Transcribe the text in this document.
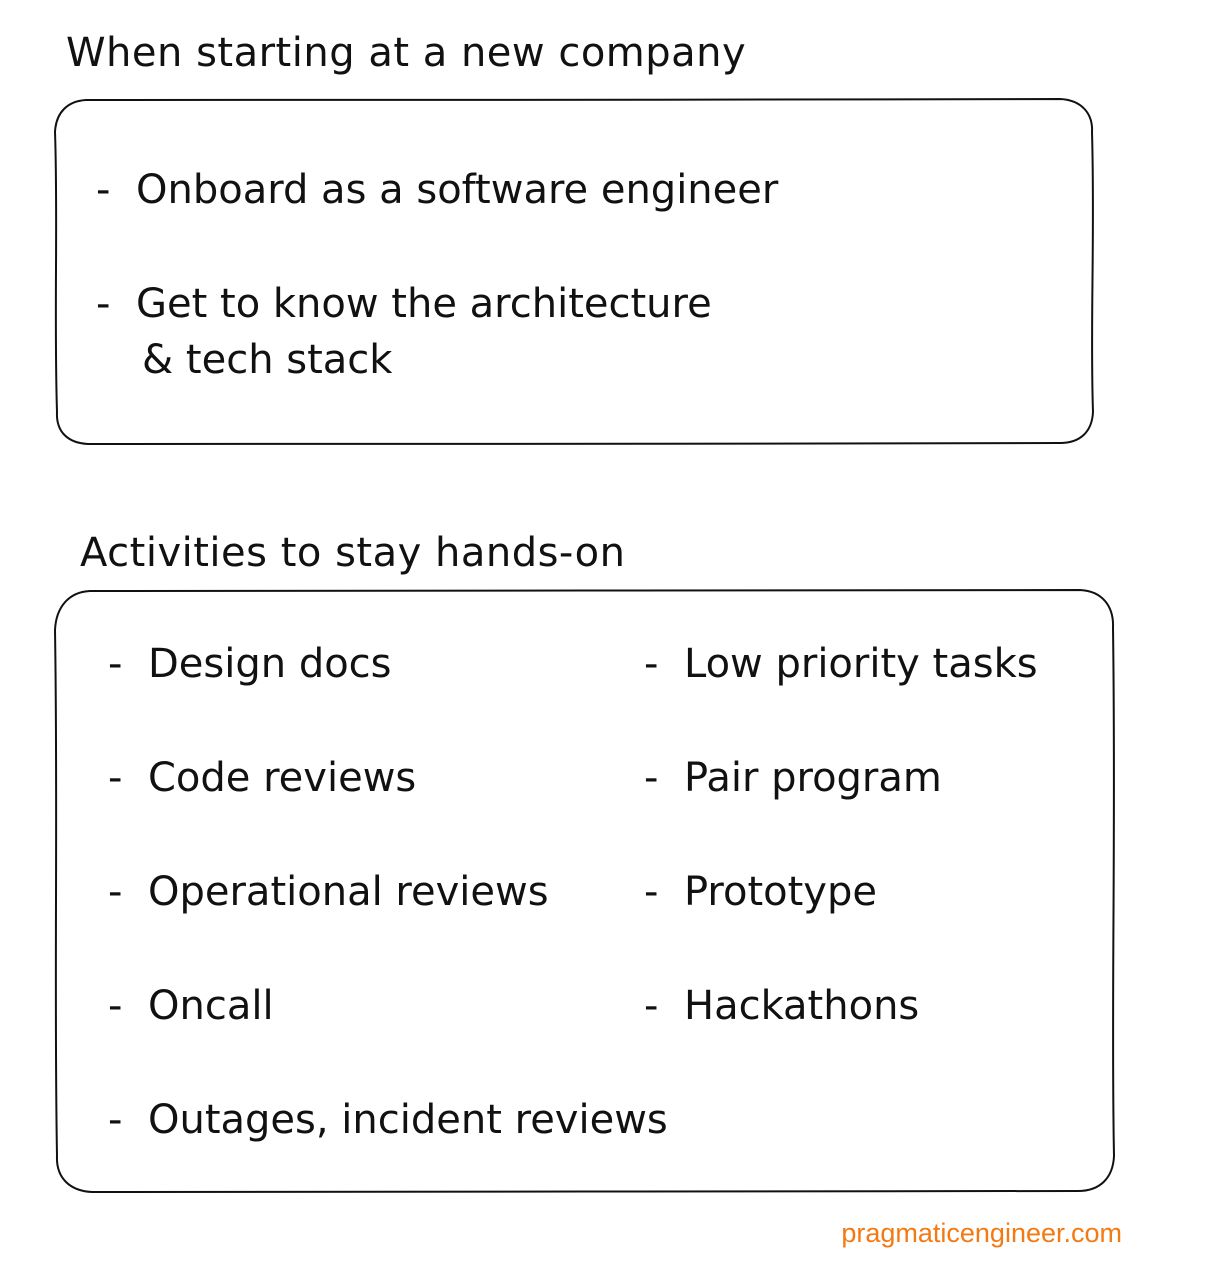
When starting at a new company
- Onboard as a software engineer
- Get to know the architecture
& tech stack
Activities to stay hands-on
- Design docs
- Code reviews
- Operational reviews
- Oncall
- Outages, incident reviews
- Low priority tasks
- Pair program
- Prototype
- Hackathons
pragmaticengineer.com
